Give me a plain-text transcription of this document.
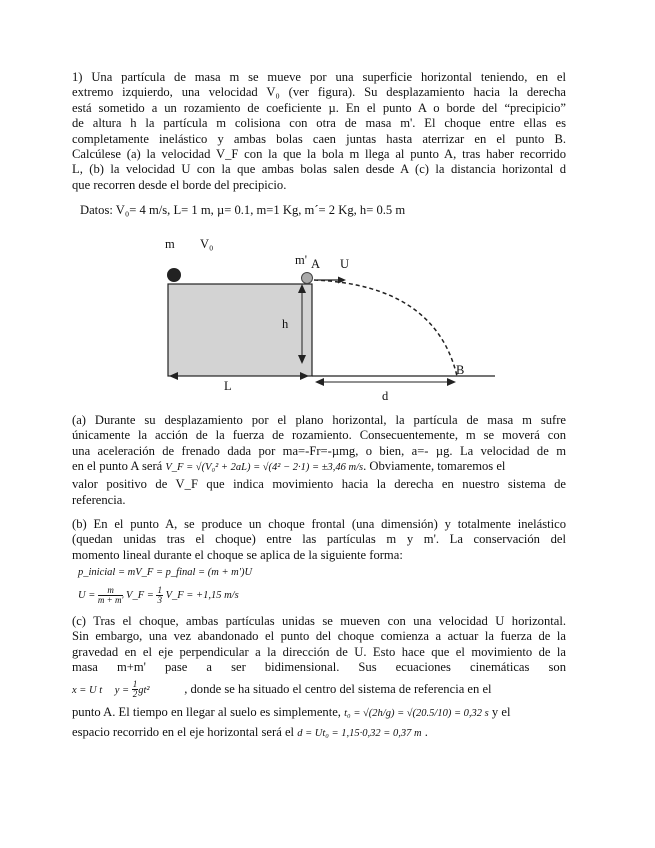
1) Una partícula de masa m se mueve por una superficie horizontal teniendo, en el
extremo izquierdo, una velocidad V₀ (ver figura). Su desplazamiento hacia la derecha
está sometido a un rozamiento de coeficiente µ. En el punto A o borde del “precipicio”
de altura h la partícula m colisiona con otra de masa m'. El choque entre ellas es
completamente inelástico y ambas bolas caen juntas hasta aterrizar en el punto B.
Calcúlese (a) la velocidad V_F con la que la bola m llega al punto A, tras haber recorrido
L, (b) la velocidad U con la que ambas bolas salen desde A (c) la distancia horizontal d
que recorren desde el borde del precipicio.
Datos: V₀= 4 m/s, L= 1 m, µ= 0.1, m=1 Kg, m´= 2 Kg, h= 0.5 m
m V₀
m' A U
h
L
d
B
(a) Durante su desplazamiento por el plano horizontal, la partícula de masa m sufre
únicamente la acción de la fuerza de rozamiento. Consecuentemente, m se moverá con
una aceleración de frenado dada por ma=-Fr=-µmg, o bien, a=- µg. La velocidad de m
en el punto A será V_F = √(V₀² + 2aL) = √(4² − 2·1) = ±3,46 m/s. Obviamente, tomaremos el
valor positivo de V_F que indica movimiento hacia la derecha en nuestro sistema de
referencia.
(b) En el punto A, se produce un choque frontal (una dimensión) y totalmente inelástico
(quedan unidas tras el choque) entre las partículas m y m'. La conservación del
momento lineal durante el choque se aplica de la siguiente forma:
p_inicial = mV_F = p_final = (m + m')U
$U = \frac{m}{m + m'}$ V_F = $\frac{1}{3}$ V_F = +1,15 m/s
(c) Tras el choque, ambas partículas unidas se mueven con una velocidad U horizontal.
Sin embargo, una vez abandonado el punto del choque comienza a actuar la fuerza de la
gravedad en el eje perpendicular a la dirección de U. Esto hace que el movimiento de la
masa m+m' pase a ser bidimensional. Sus ecuaciones cinemáticas son
x = U t $y = \frac{1}{2} gt^2$	, donde se ha situado el centro del sistema de referencia en el
punto A. El tiempo en llegar al suelo es simplemente, t₀ = √(2h/g) = √(20.5/10) = 0,32 s y el
espacio recorrido en el eje horizontal será el d = Ut₀ = 1,15·0,32 = 0,37 m .
